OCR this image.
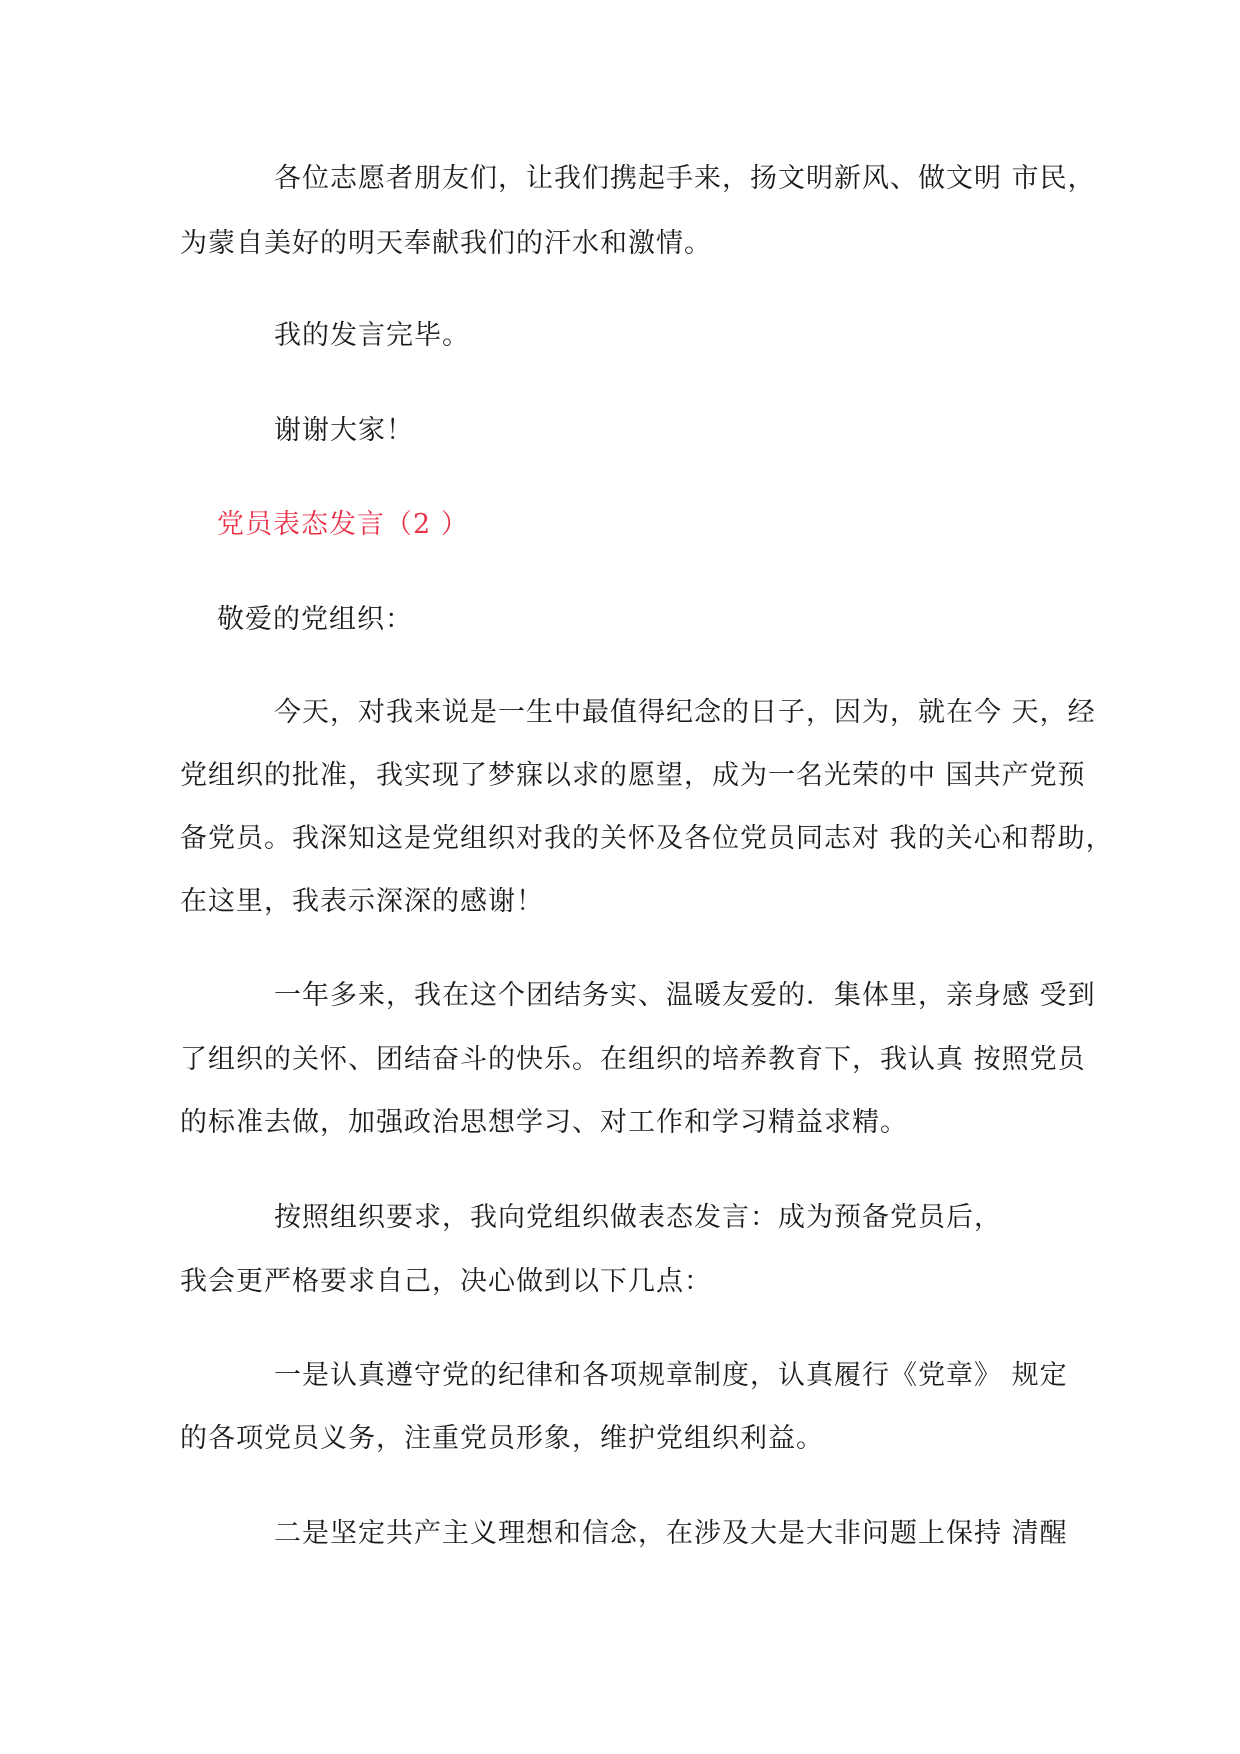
各位志愿者朋友们，让我们携起手来，扬文明新风、做文明 市民，

为蒙自美好的明天奉献我们的汗水和激情。

我的发言完毕。

谢谢大家！

党员表态发言（2 ）

敬爱的党组织：

今天，对我来说是一生中最值得纪念的日子，因为，就在今 天，经

党组织的批准，我实现了梦寐以求的愿望，成为一名光荣的中 国共产党预

备党员。我深知这是党组织对我的关怀及各位党员同志对 我的关心和帮助，

在这里，我表示深深的感谢！

一年多来，我在这个团结务实、温暖友爱的．集体里，亲身感 受到

了组织的关怀、团结奋斗的快乐。在组织的培养教育下，我认真 按照党员

的标准去做，加强政治思想学习、对工作和学习精益求精。

按照组织要求，我向党组织做表态发言：成为预备党员后，

我会更严格要求自己，决心做到以下几点：

一是认真遵守党的纪律和各项规章制度，认真履行《党章》 规定

的各项党员义务，注重党员形象，维护党组织利益。

二是坚定共产主义理想和信念，在涉及大是大非问题上保持 清醒
